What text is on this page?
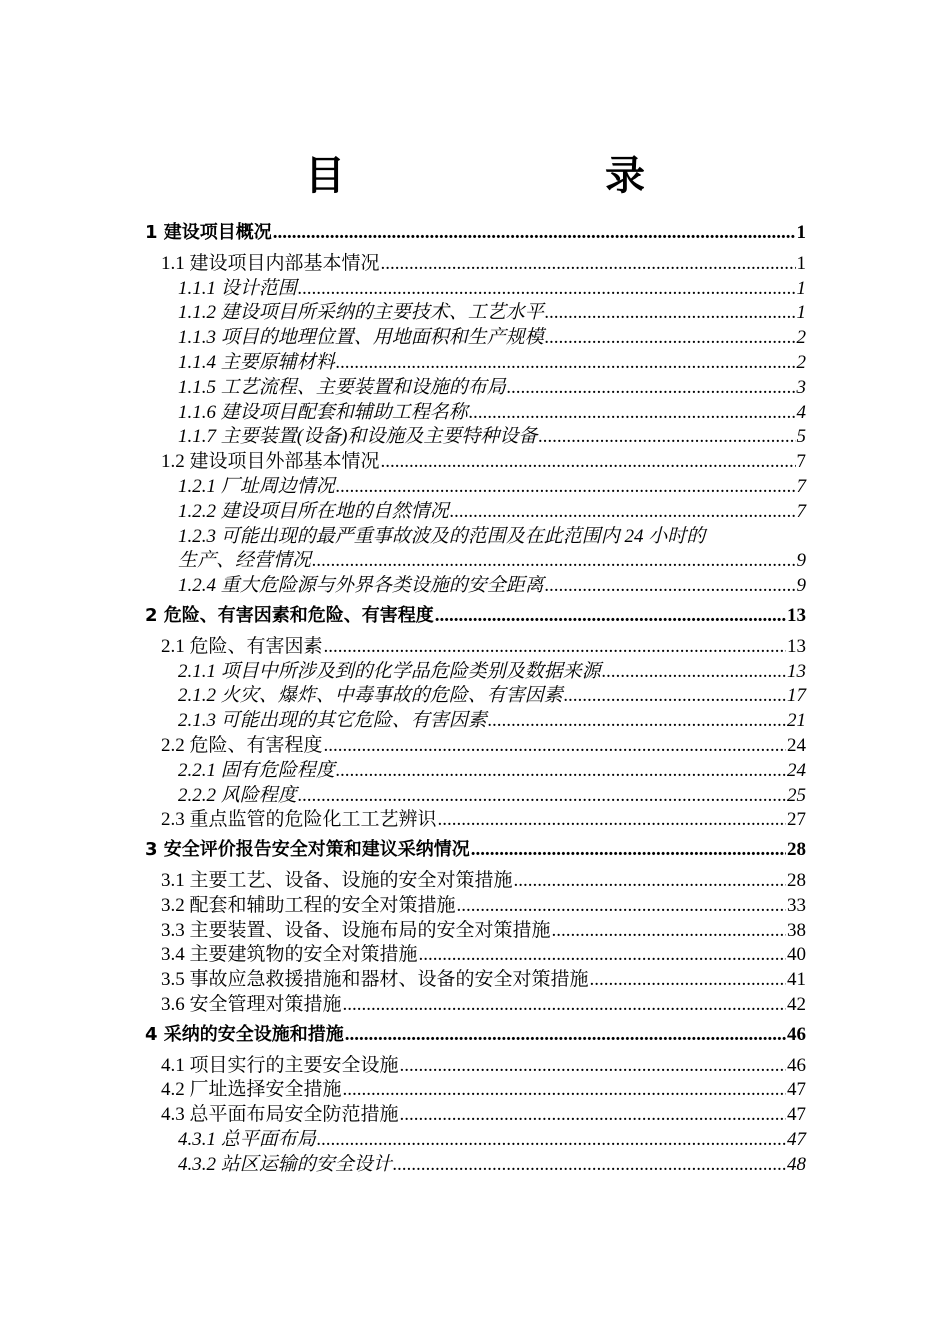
目　　录
1 建设项目概况 .....	1
1.1 建设项目内部基本情况 .....	1
1.1.1 设计范围 .....	1
1.1.2 建设项目所采纳的主要技术、工艺水平 .....	1
1.1.3 项目的地理位置、用地面积和生产规模 .....	2
1.1.4 主要原辅材料 .....	2
1.1.5 工艺流程、主要装置和设施的布局 .....	3
1.1.6 建设项目配套和辅助工程名称 .....	4
1.1.7 主要装置(设备)和设施及主要特种设备 .....	5
1.2 建设项目外部基本情况 .....	7
1.2.1 厂址周边情况 .....	7
1.2.2 建设项目所在地的自然情况 .....	7
1.2.3 可能出现的最严重事故波及的范围及在此范围内 24 小时的
生产、经营情况 .....	9
1.2.4 重大危险源与外界各类设施的安全距离 .....	9
2 危险、有害因素和危险、有害程度 .....	13
2.1 危险、有害因素 .....	13
2.1.1 项目中所涉及到的化学品危险类别及数据来源 .....	13
2.1.2 火灾、爆炸、中毒事故的危险、有害因素 .....	17
2.1.3 可能出现的其它危险、有害因素 .....	21
2.2 危险、有害程度 .....	24
2.2.1 固有危险程度 .....	24
2.2.2 风险程度 .....	25
2.3 重点监管的危险化工工艺辨识 .....	27
3 安全评价报告安全对策和建议采纳情况 .....	28
3.1 主要工艺、设备、设施的安全对策措施 .....	28
3.2 配套和辅助工程的安全对策措施 .....	33
3.3 主要装置、设备、设施布局的安全对策措施 .....	38
3.4 主要建筑物的安全对策措施 .....	40
3.5 事故应急救援措施和器材、设备的安全对策措施 .....	41
3.6 安全管理对策措施 .....	42
4 采纳的安全设施和措施 .....	46
4.1 项目实行的主要安全设施 .....	46
4.2 厂址选择安全措施 .....	47
4.3 总平面布局安全防范措施 .....	47
4.3.1 总平面布局 .....	47
4.3.2 站区运输的安全设计 .....	48
